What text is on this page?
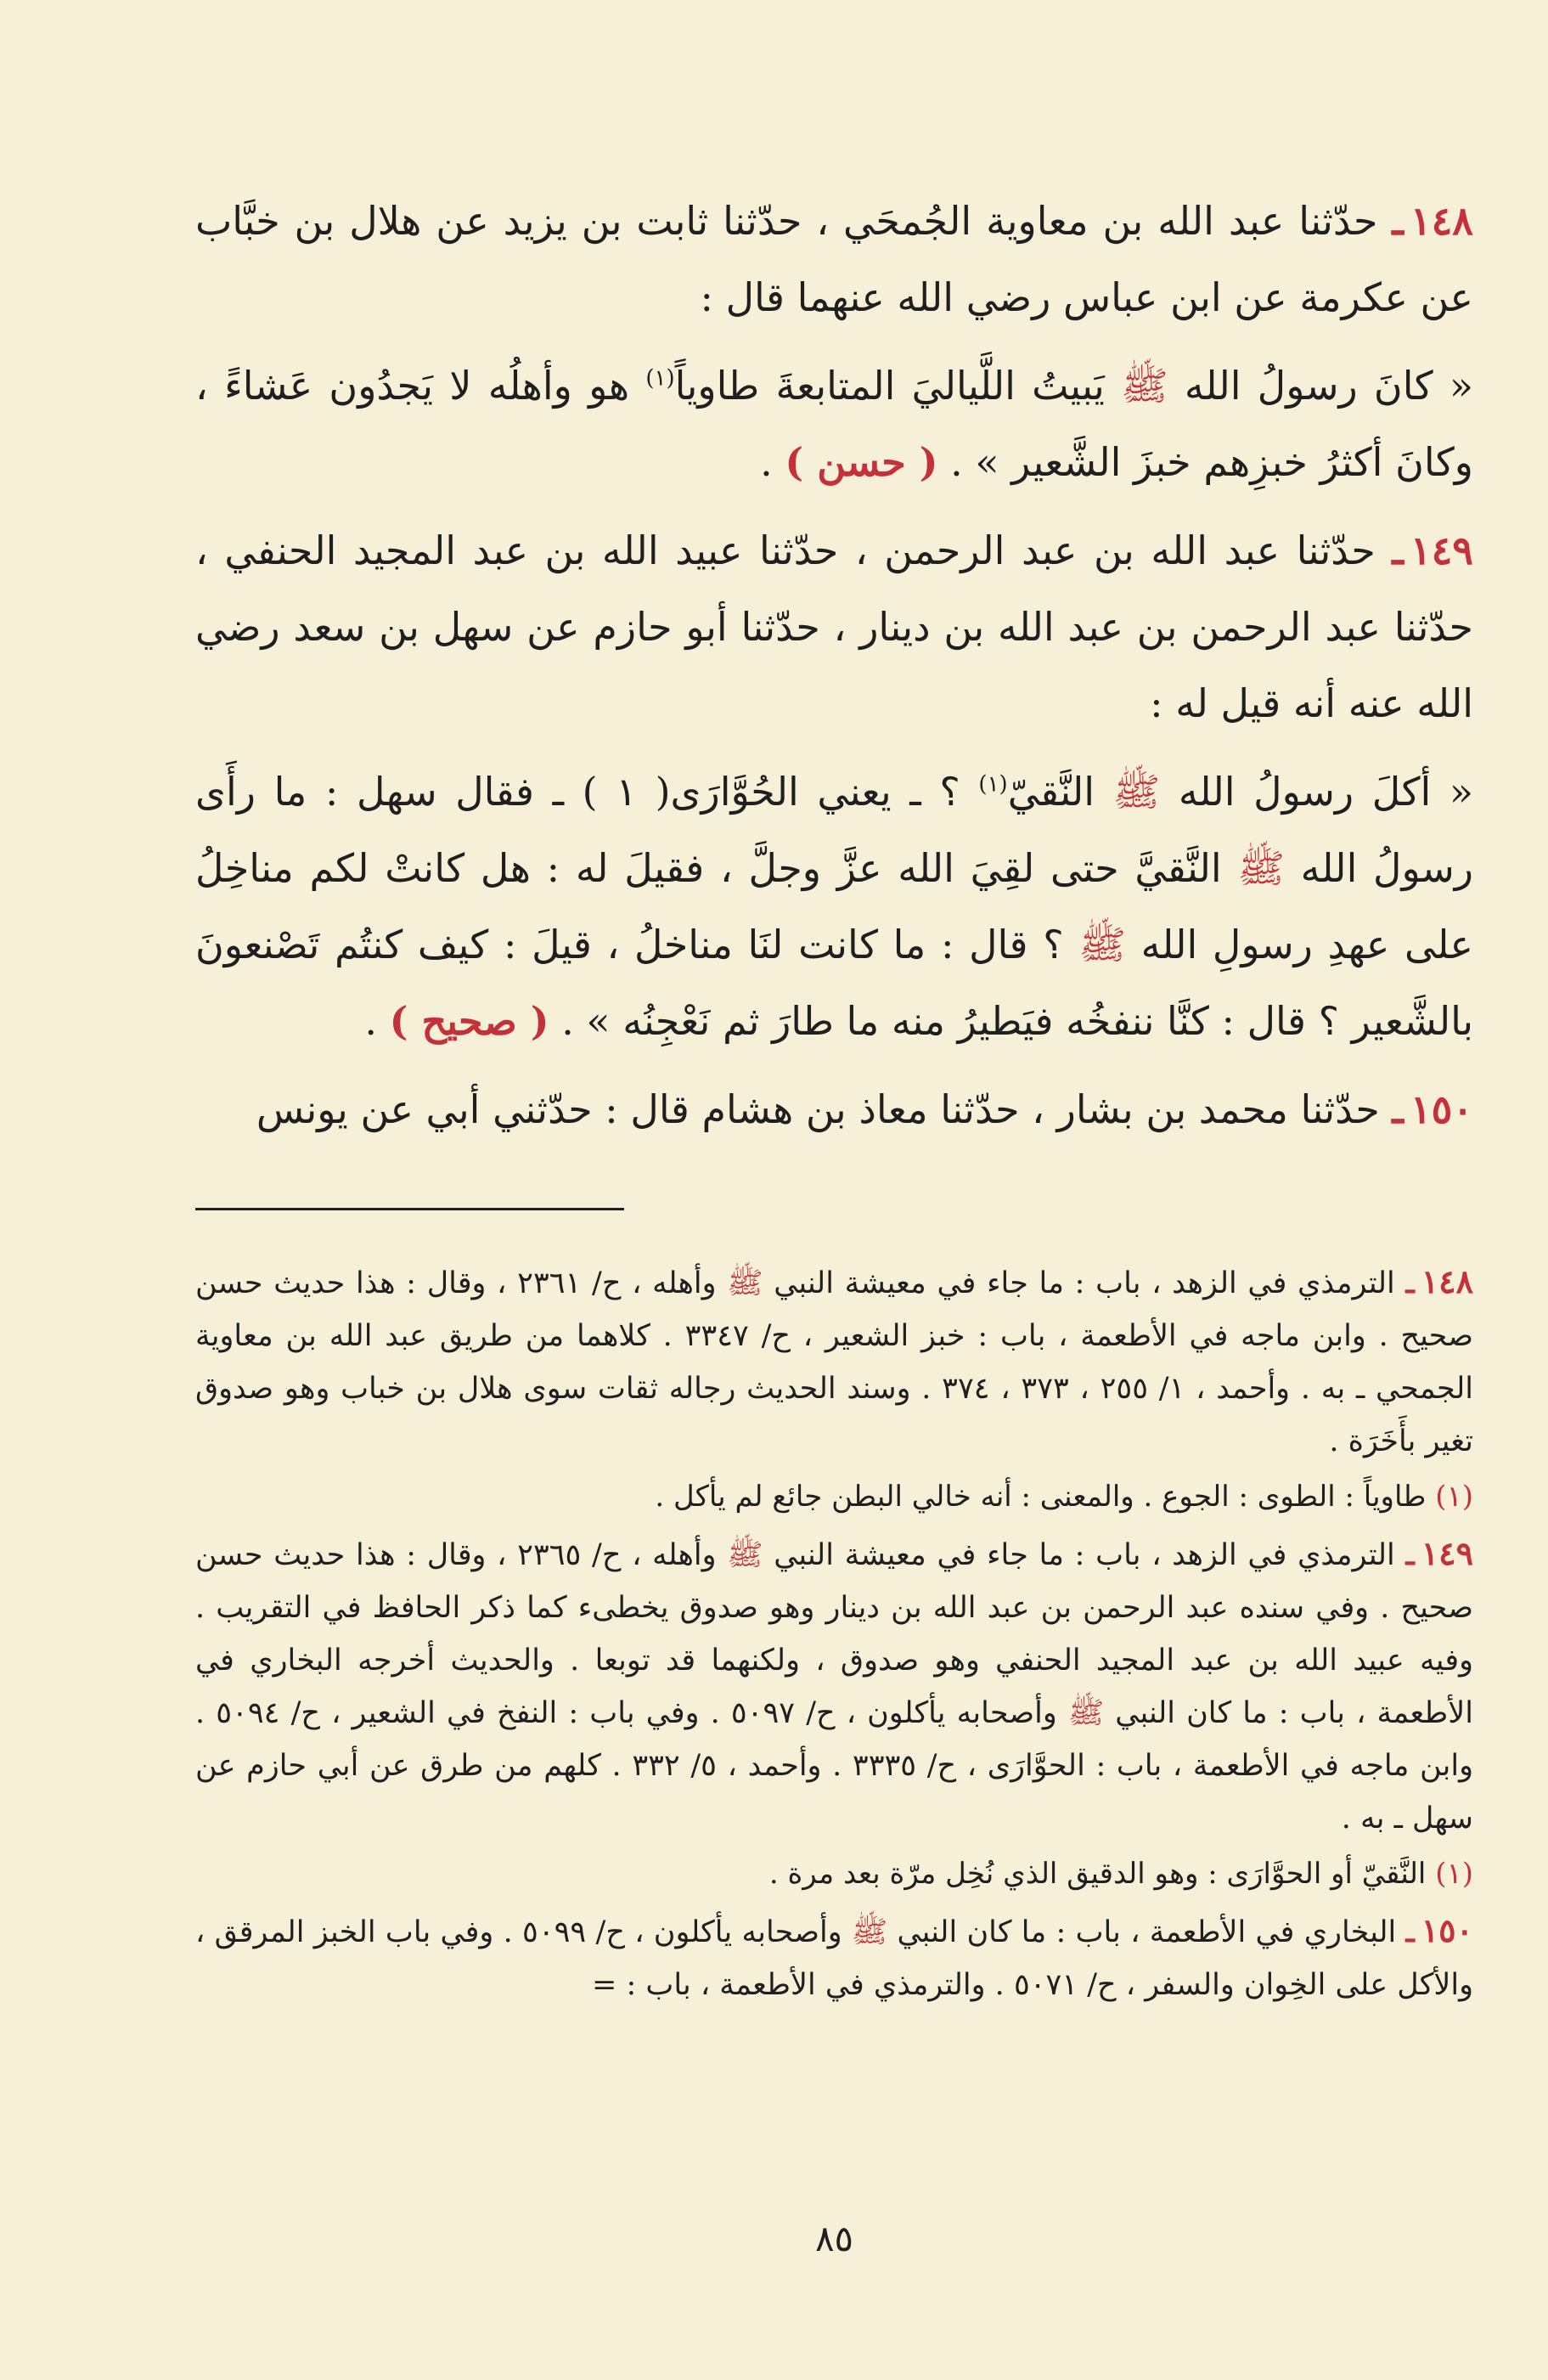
١٤٨ـ حدّثنا عبد الله بن معاوية الجُمحَي ، حدّثنا ثابت بن يزيد عن هلال بن خبَّاب عن عكرمة عن ابن عباس رضي الله عنهما قال :

« كانَ رسولُ الله ﷺ يَبيتُ اللَّياليَ المتابعةَ طاوياً$^{(١)}$ هو وأهلُه لا يَجدُون عَشاءً ، وكانَ أكثرُ خبزِهم خبزَ الشَّعير » . ( حسن ) .

١٤٩ـ حدّثنا عبد الله بن عبد الرحمن ، حدّثنا عبيد الله بن عبد المجيد الحنفي ، حدّثنا عبد الرحمن بن عبد الله بن دينار ، حدّثنا أبو حازم عن سهل بن سعد رضي الله عنه أنه قيل له :

« أكلَ رسولُ الله ﷺ النَّقيّ$^{(١)}$ ؟ ـ يعني الحُوَّارَى( ١ ) ـ فقال سهل : ما رأَى رسولُ الله ﷺ النَّقيَّ حتى لقِيَ الله عزَّ وجلَّ ، فقيلَ له : هل كانتْ لكم مناخِلُ على عهدِ رسولِ الله ﷺ ؟ قال : ما كانت لنَا مناخلُ ، قيلَ : كيف كنتُم تَصْنعونَ بالشَّعير ؟ قال : كنَّا ننفخُه فيَطيرُ منه ما طارَ ثم نَعْجِنُه » . ( صحيح ) .

١٥٠ـ حدّثنا محمد بن بشار ، حدّثنا معاذ بن هشام قال : حدّثني أبي عن يونس

١٤٨ـ الترمذي في الزهد ، باب : ما جاء في معيشة النبي ﷺ وأهله ، ح/ ٢٣٦١ ، وقال : هذا حديث حسن صحيح . وابن ماجه في الأطعمة ، باب : خبز الشعير ، ح/ ٣٣٤٧ . كلاهما من طريق عبد الله بن معاوية الجمحي ـ به . وأحمد ، ١/ ٢٥٥ ، ٣٧٣ ، ٣٧٤ . وسند الحديث رجاله ثقات سوى هلال بن خباب وهو صدوق تغير بأَخَرَة .

(١) طاوياً : الطوى : الجوع . والمعنى : أنه خالي البطن جائع لم يأكل .

١٤٩ـ الترمذي في الزهد ، باب : ما جاء في معيشة النبي ﷺ وأهله ، ح/ ٢٣٦٥ ، وقال : هذا حديث حسن صحيح . وفي سنده عبد الرحمن بن عبد الله بن دينار وهو صدوق يخطىء كما ذكر الحافظ في التقريب . وفيه عبيد الله بن عبد المجيد الحنفي وهو صدوق ، ولكنهما قد توبعا . والحديث أخرجه البخاري في الأطعمة ، باب : ما كان النبي ﷺ وأصحابه يأكلون ، ح/ ٥٠٩٧ . وفي باب : النفخ في الشعير ، ح/ ٥٠٩٤ . وابن ماجه في الأطعمة ، باب : الحوَّارَى ، ح/ ٣٣٣٥ . وأحمد ، ٥/ ٣٣٢ . كلهم من طرق عن أبي حازم عن سهل ـ به .

(١) النَّقيّ أو الحوَّارَى : وهو الدقيق الذي نُخِل مرّة بعد مرة .

١٥٠ـ البخاري في الأطعمة ، باب : ما كان النبي ﷺ وأصحابه يأكلون ، ح/ ٥٠٩٩ . وفي باب الخبز المرقق ، والأكل على الخِوان والسفر ، ح/ ٥٠٧١ . والترمذي في الأطعمة ، باب : =

٨٥
